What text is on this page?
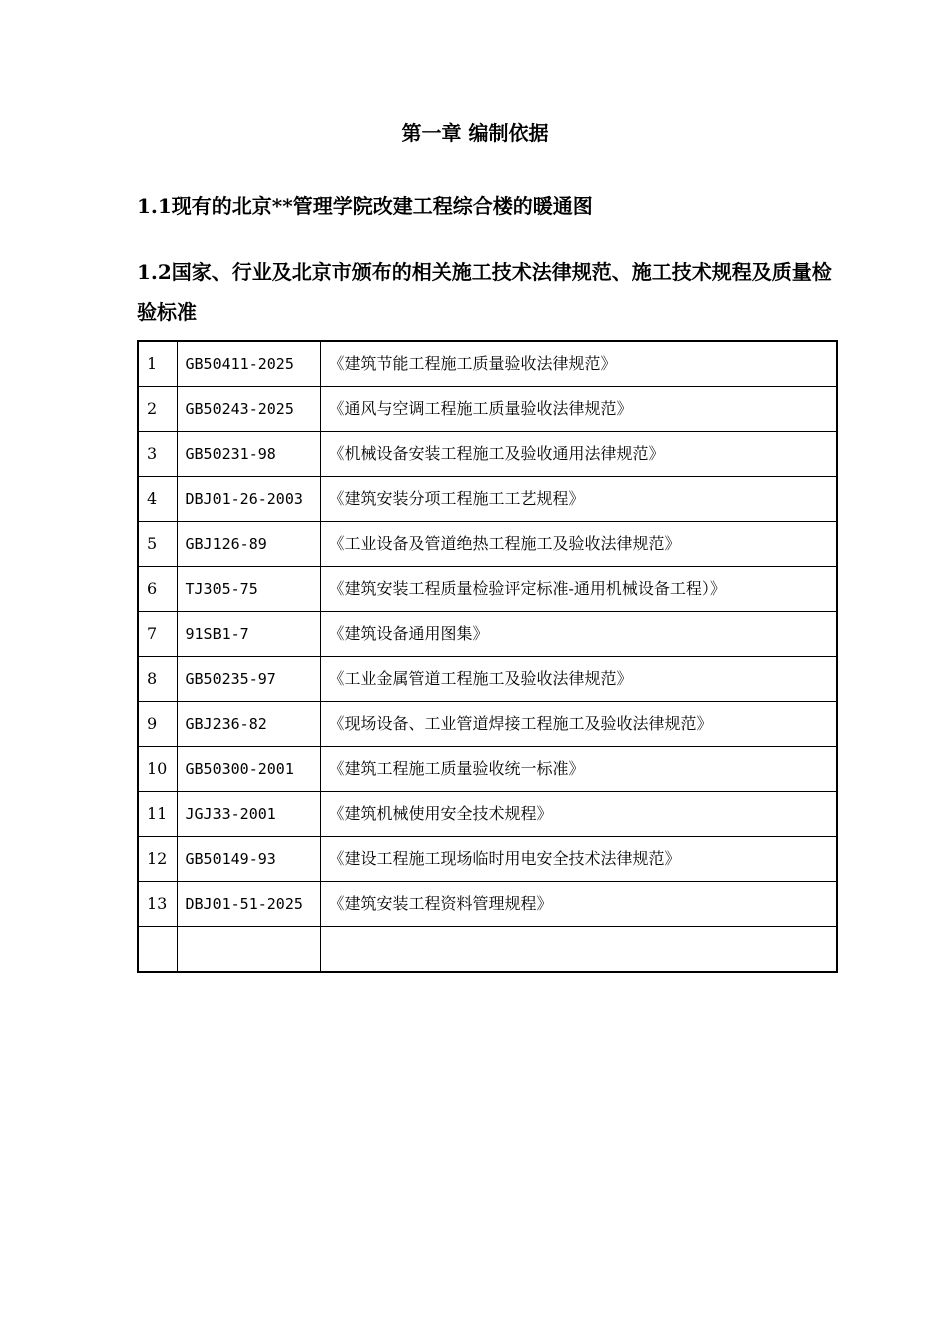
第一章 编制依据
1.1现有的北京**管理学院改建工程综合楼的暖通图
1.2国家、行业及北京市颁布的相关施工技术法律规范、施工技术规程及质量检验标准
1	GB50411-2025	《建筑节能工程施工质量验收法律规范》
2	GB50243-2025	《通风与空调工程施工质量验收法律规范》
3	GB50231-98	《机械设备安装工程施工及验收通用法律规范》
4	DBJ01-26-2003	《建筑安装分项工程施工工艺规程》
5	GBJ126-89	《工业设备及管道绝热工程施工及验收法律规范》
6	TJ305-75	《建筑安装工程质量检验评定标准-通用机械设备工程）》
7	91SB1-7	《建筑设备通用图集》
8	GB50235-97	《工业金属管道工程施工及验收法律规范》
9	GBJ236-82	《现场设备、工业管道焊接工程施工及验收法律规范》
10	GB50300-2001	《建筑工程施工质量验收统一标准》
11	JGJ33-2001	《建筑机械使用安全技术规程》
12	GB50149-93	《建设工程施工现场临时用电安全技术法律规范》
13	DBJ01-51-2025	《建筑安装工程资料管理规程》
